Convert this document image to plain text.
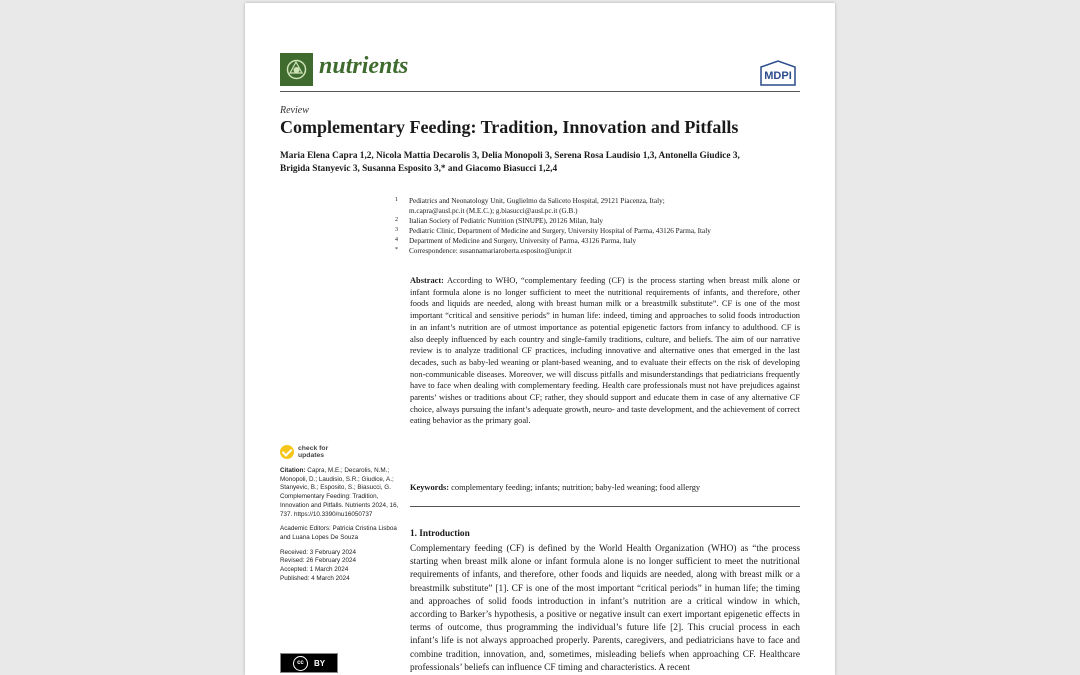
nutrients	MDPI
Review
Complementary Feeding: Tradition, Innovation and Pitfalls
Maria Elena Capra 1,2, Nicola Mattia Decarolis 3, Delia Monopoli 3, Serena Rosa Laudisio 1,3, Antonella Giudice 3,
Brigida Stanyevic 3, Susanna Esposito 3,* and Giacomo Biasucci 1,2,4
1 Pediatrics and Neonatology Unit, Guglielmo da Saliceto Hospital, 29121 Piacenza, Italy;
m.capra@ausl.pc.it (M.E.C.); g.biasucci@ausl.pc.it (G.B.)
2 Italian Society of Pediatric Nutrition (SINUPE), 20126 Milan, Italy
3 Pediatric Clinic, Department of Medicine and Surgery, University Hospital of Parma, 43126 Parma, Italy
4 Department of Medicine and Surgery, University of Parma, 43126 Parma, Italy
* Correspondence: susannamariaroberta.esposito@unipr.it
Abstract: According to WHO, “complementary feeding (CF) is the process starting when breast milk alone or infant formula alone is no longer sufficient to meet the nutritional requirements of infants, and therefore, other foods and liquids are needed, along with breast human milk or a breastmilk substitute”. CF is one of the most important “critical and sensitive periods” in human life: indeed, timing and approaches to solid foods introduction in an infant’s nutrition are of utmost importance as potential epigenetic factors from infancy to adulthood. CF is also deeply influenced by each country and single-family traditions, culture, and beliefs. The aim of our narrative review is to analyze traditional CF practices, including innovative and alternative ones that emerged in the last decades, such as baby-led weaning or plant-based weaning, and to evaluate their effects on the risk of developing non-communicable diseases. Moreover, we will discuss pitfalls and misunderstandings that pediatricians frequently have to face when dealing with complementary feeding. Health care professionals must not have prejudices against parents’ wishes or traditions about CF; rather, they should support and educate them in case of any alternative CF choice, always pursuing the infant’s adequate growth, neuro- and taste development, and the achievement of correct eating behavior as the primary goal.
Keywords: complementary feeding; infants; nutrition; baby-led weaning; food allergy
check for
updates
Citation: Capra, M.E.; Decarolis, N.M.; Monopoli, D.; Laudisio, S.R.; Giudice, A.; Stanyevic, B.; Esposito, S.; Biasucci, G. Complementary Feeding: Tradition, Innovation and Pitfalls. Nutrients 2024, 16, 737. https://10.3390/nu16050737
Academic Editors: Patricia Cristina Lisboa and Luana Lopes De Souza
Received: 3 February 2024
Revised: 26 February 2024
Accepted: 1 March 2024
Published: 4 March 2024
cc	BY
1. Introduction
Complementary feeding (CF) is defined by the World Health Organization (WHO) as “the process starting when breast milk alone or infant formula alone is no longer sufficient to meet the nutritional requirements of infants, and therefore, other foods and liquids are needed, along with breast milk or a breastmilk substitute” [1]. CF is one of the most important “critical periods” in human life; the timing and approaches of solid foods introduction in infant’s nutrition are a critical window in which, according to Barker’s hypothesis, a positive or negative insult can exert important epigenetic effects in terms of outcome, thus programming the individual’s future life [2]. This crucial process in each infant’s life is not always approached properly. Parents, caregivers, and pediatricians have to face and combine tradition, innovation, and, sometimes, misleading beliefs when approaching CF. Healthcare professionals’ beliefs can influence CF timing and characteristics. A recent
